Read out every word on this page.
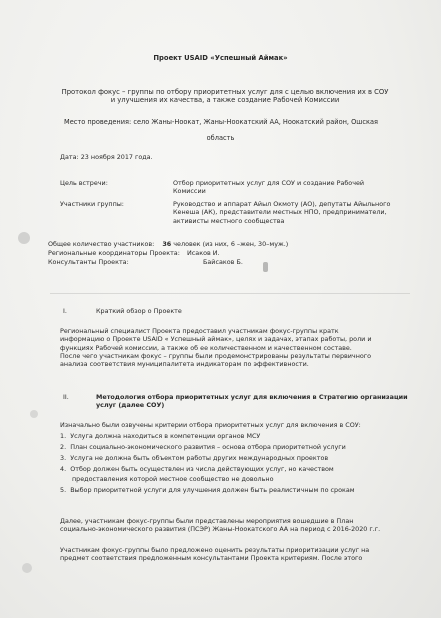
Проект USAID «Успешный Аймак»
Протокол фокус – группы по отбору приоритетных услуг для с целью включения их в СОУ
и улучшения их качества, а также создание Рабочей Комиссии
Место проведения: село Жаны-Ноокат, Жаны-Ноокатский АА, Ноокатский район, Ошская
область
Дата: 23 ноября 2017 года.
Цель встречи:	Отбор приоритетных услуг для СОУ и создание Рабочей
Комиссии
Участники группы:	Руководство и аппарат Айыл Окмоту (АО), депутаты Айыльного
Кенеша (АК), представители местных НПО, предприниматели,
активисты местного сообщества
Общее количество участников: 36 человек (из них, 6 –жен, 30–муж.)
Региональные координаторы Проекта: Исаков И.
Консультанты Проекта:	Байсаков Б.
I.	Краткий обзор о Проекте
Региональный специалист Проекта предоставил участникам фокус-группы кратк
информацию о Проекте USAID « Успешный аймак», целях и задачах, этапах работы, роли и
функциях Рабочей комиссии, а также об ее количественном и качественном составе.
После чего участникам фокус – группы были продемонстрированы результаты первичного
анализа соответствия муниципалитета индикаторам по эффективности.
II.	Методология отбора приоритетных услуг для включения в Стратегию организации
услуг (далее СОУ)
Изначально были озвучены критерии отбора приоритетных услуг для включения в СОУ:
1. Услуга должна находиться в компетенции органов МСУ
2. План социально-экономического развития – основа отбора приоритетной услуги
3. Услуга не должна быть объектом работы других международных проектов
4. Отбор должен быть осуществлен из числа действующих услуг, но качеством
предоставления которой местное сообщество не довольно
5. Выбор приоритетной услуги для улучшения должен быть реалистичным по срокам
Далее, участникам фокус-группы были представлены мероприятия вошедшие в План
социально-экономического развития (ПСЭР) Жаны-Ноокатского АА на период с 2016-2020 г.г.
Участникам фокус-группы было предложено оценить результаты приоритизации услуг на
предмет соответствия предложенным консультантами Проекта критериям. После этого
